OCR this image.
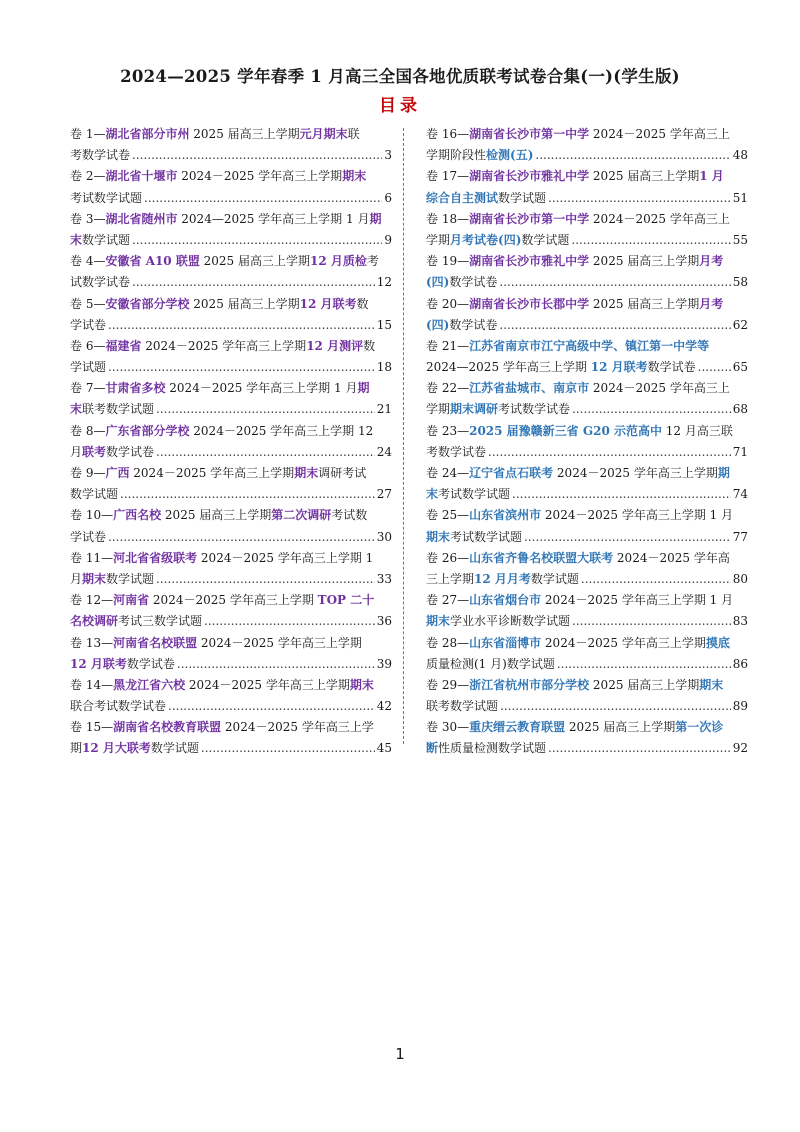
2024—2025 学年春季 1 月高三全国各地优质联考试卷合集(一)(学生版)
目录
卷 1—湖北省部分市州 2025 届高三上学期元月期末联
考数学试卷 .....	3
卷 2—湖北省十堰市 2024－2025 学年高三上学期期末
考试数学试题 .....	6
卷 3—湖北省随州市 2024—2025 学年高三上学期 1 月期
末数学试题 .....	9
卷 4—安徽省 A10 联盟 2025 届高三上学期12 月质检考
试数学试卷 .....	12
卷 5—安徽省部分学校 2025 届高三上学期12 月联考数
学试卷 .....	15
卷 6—福建省 2024－2025 学年高三上学期12 月测评数
学试题 .....	18
卷 7—甘肃省多校 2024－2025 学年高三上学期 1 月期
末联考数学试题 .....	21
卷 8—广东省部分学校 2024－2025 学年高三上学期 12
月联考数学试卷 .....	24
卷 9—广西 2024－2025 学年高三上学期期末调研考试
数学试题 .....	27
卷 10—广西名校 2025 届高三上学期第二次调研考试数
学试卷 .....	30
卷 11—河北省省级联考 2024－2025 学年高三上学期 1
月期末数学试题 .....	33
卷 12—河南省 2024－2025 学年高三上学期 TOP 二十
名校调研考试三数学试题 .....	36
卷 13—河南省名校联盟 2024－2025 学年高三上学期
12 月联考数学试卷 .....	39
卷 14—黑龙江省六校 2024－2025 学年高三上学期期末
联合考试数学试卷 .....	42
卷 15—湖南省名校教育联盟 2024－2025 学年高三上学
期12 月大联考数学试题 .....	45
卷 16—湖南省长沙市第一中学 2024－2025 学年高三上
学期阶段性检测(五) .....	48
卷 17—湖南省长沙市雅礼中学 2025 届高三上学期1 月
综合自主测试数学试题 .....	51
卷 18—湖南省长沙市第一中学 2024－2025 学年高三上
学期月考试卷(四)数学试题 .....	55
卷 19—湖南省长沙市雅礼中学 2025 届高三上学期月考
(四)数学试卷 .....	58
卷 20—湖南省长沙市长郡中学 2025 届高三上学期月考
(四)数学试卷 .....	62
卷 21—江苏省南京市江宁高级中学、镇江第一中学等
2024—2025 学年高三上学期 12 月联考数学试卷 .....	65
卷 22—江苏省盐城市、南京市 2024－2025 学年高三上
学期期末调研考试数学试卷 .....	68
卷 23—2025 届豫赣新三省 G20 示范高中 12 月高三联
考数学试卷 .....	71
卷 24—辽宁省点石联考 2024－2025 学年高三上学期期
末考试数学试题 .....	74
卷 25—山东省滨州市 2024－2025 学年高三上学期 1 月
期末考试数学试题 .....	77
卷 26—山东省齐鲁名校联盟大联考 2024－2025 学年高
三上学期12 月月考数学试题 .....	80
卷 27—山东省烟台市 2024－2025 学年高三上学期 1 月
期末学业水平诊断数学试题 .....	83
卷 28—山东省淄博市 2024－2025 学年高三上学期摸底
质量检测(1 月)数学试题 .....	86
卷 29—浙江省杭州市部分学校 2025 届高三上学期期末
联考数学试题 .....	89
卷 30—重庆缙云教育联盟 2025 届高三上学期第一次诊
断性质量检测数学试题 .....	92
1
